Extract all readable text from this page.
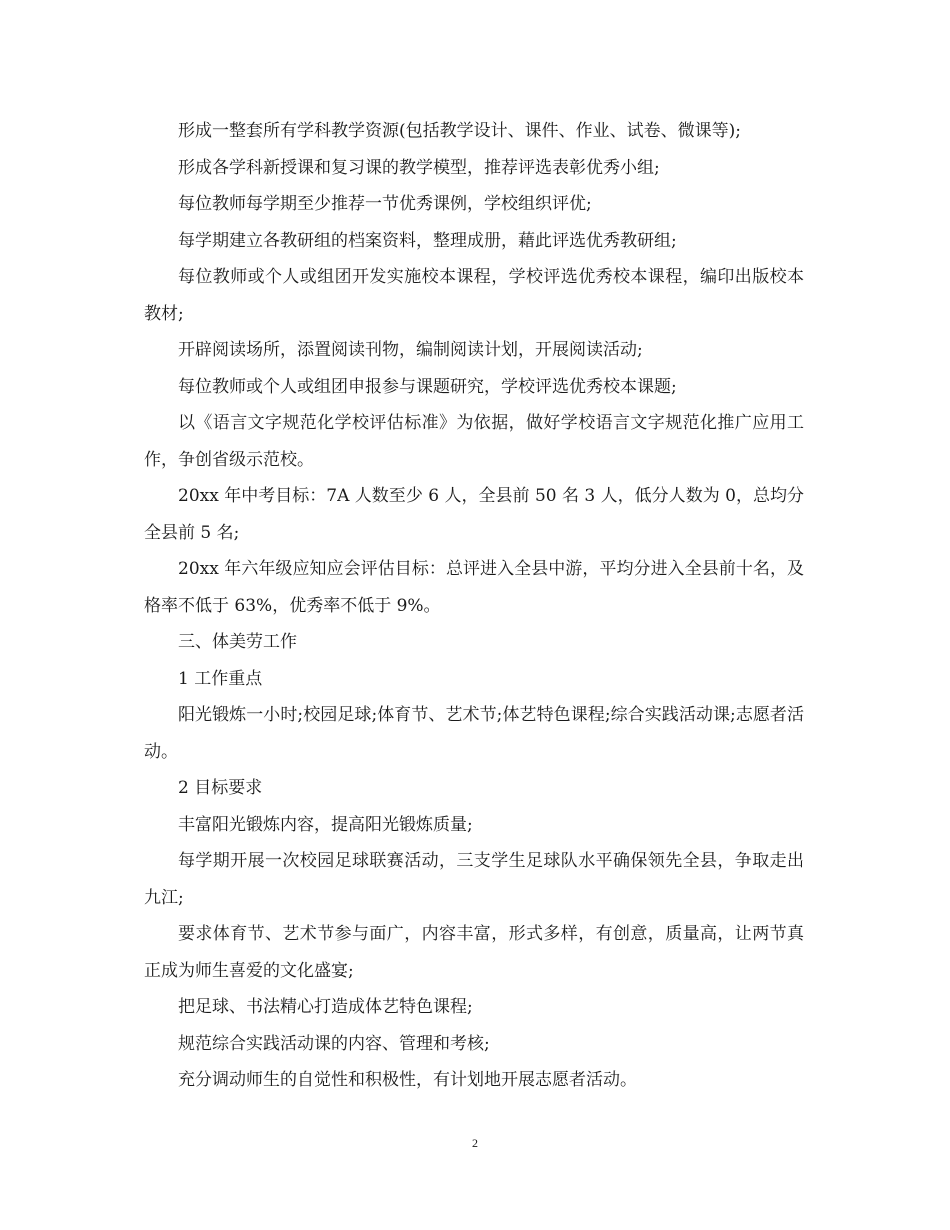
形成一整套所有学科教学资源(包括教学设计、课件、作业、试卷、微课等);

形成各学科新授课和复习课的教学模型，推荐评选表彰优秀小组;

每位教师每学期至少推荐一节优秀课例，学校组织评优;

每学期建立各教研组的档案资料，整理成册，藉此评选优秀教研组;

每位教师或个人或组团开发实施校本课程，学校评选优秀校本课程，编印出版校本教材;

开辟阅读场所，添置阅读刊物，编制阅读计划，开展阅读活动;

每位教师或个人或组团申报参与课题研究，学校评选优秀校本课题;

以《语言文字规范化学校评估标准》为依据，做好学校语言文字规范化推广应用工作，争创省级示范校。

20xx 年中考目标：7A 人数至少 6 人，全县前 50 名 3 人，低分人数为 0，总均分全县前 5 名;

20xx 年六年级应知应会评估目标：总评进入全县中游，平均分进入全县前十名，及格率不低于 63%，优秀率不低于 9%。

三、体美劳工作

1 工作重点

阳光锻炼一小时;校园足球;体育节、艺术节;体艺特色课程;综合实践活动课;志愿者活动。

2 目标要求

丰富阳光锻炼内容，提高阳光锻炼质量;

每学期开展一次校园足球联赛活动，三支学生足球队水平确保领先全县，争取走出九江;

要求体育节、艺术节参与面广，内容丰富，形式多样，有创意，质量高，让两节真正成为师生喜爱的文化盛宴;

把足球、书法精心打造成体艺特色课程;

规范综合实践活动课的内容、管理和考核;

充分调动师生的自觉性和积极性，有计划地开展志愿者活动。

2
